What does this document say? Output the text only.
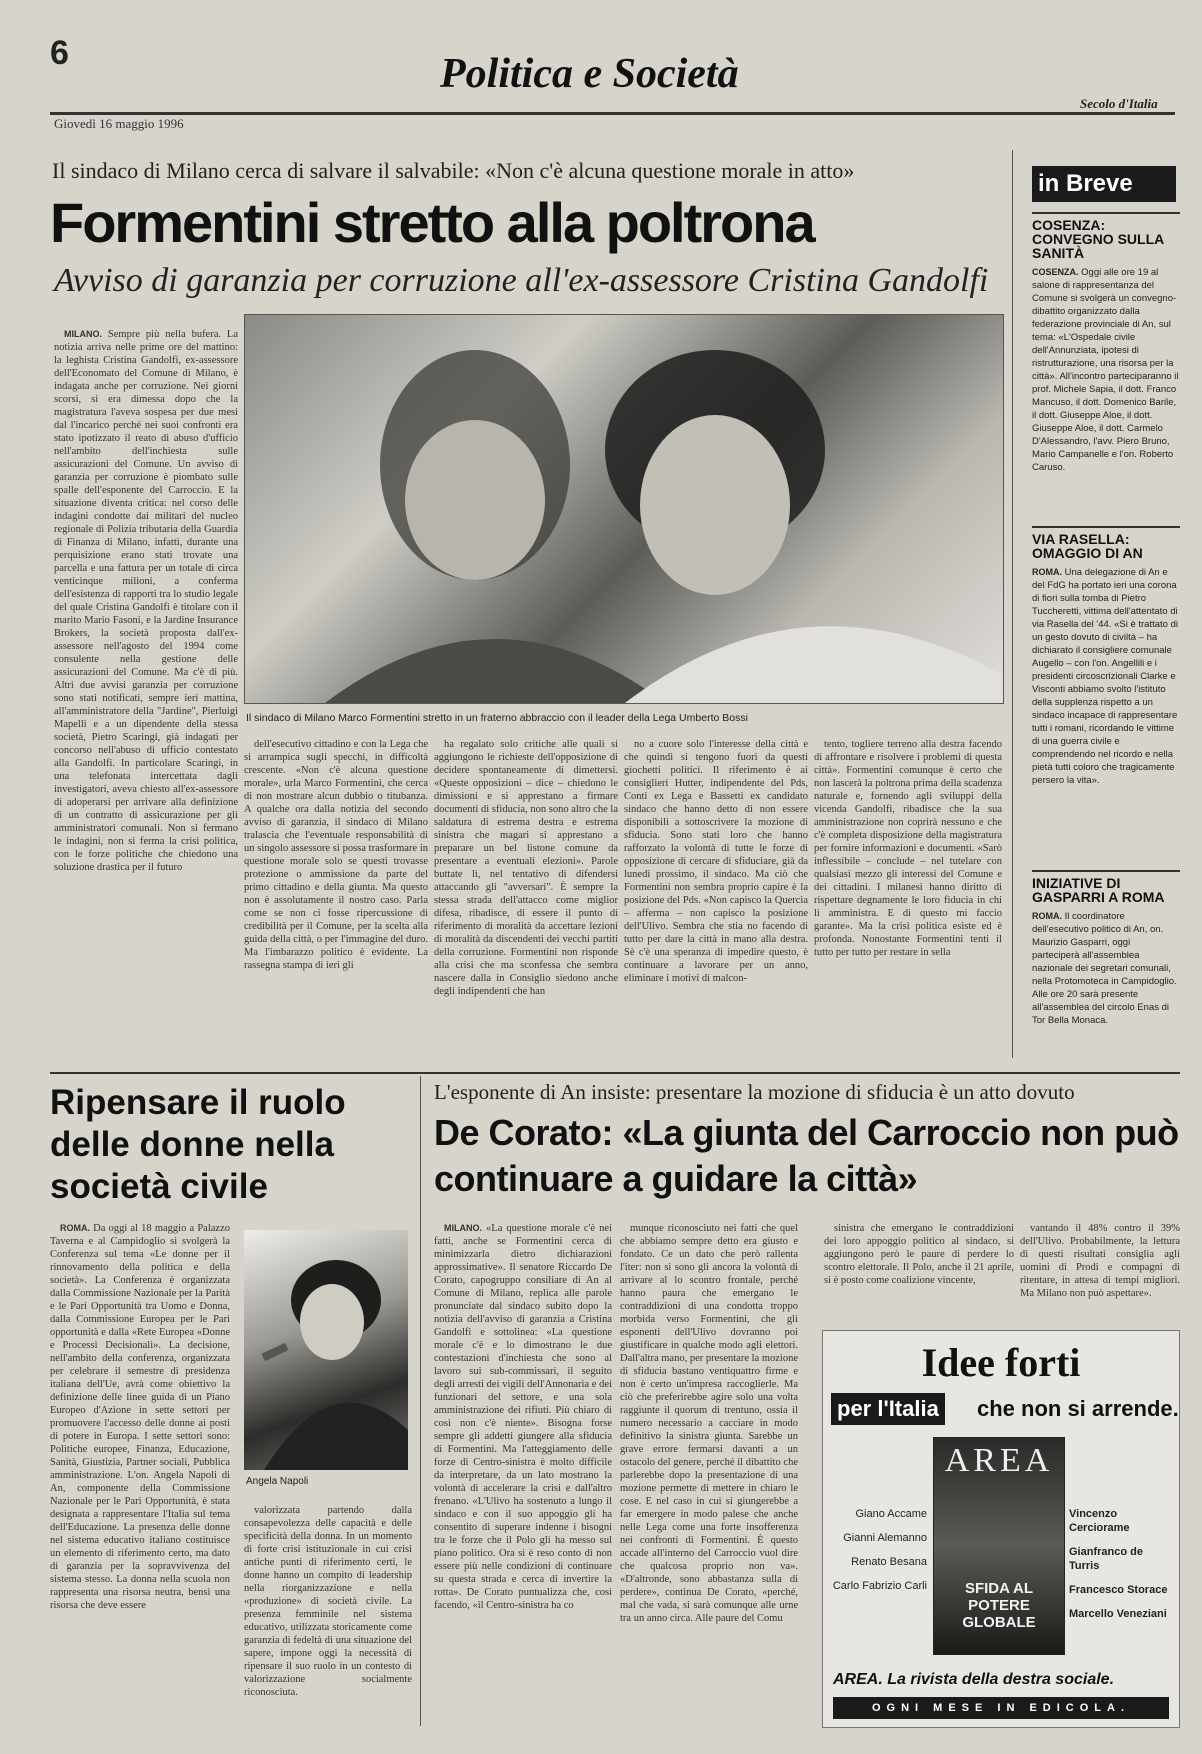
6	Politica e Società
Giovedì 16 maggio 1996
Secolo d'Italia
Il sindaco di Milano cerca di salvare il salvabile: «Non c'è alcuna questione morale in atto»
Formentini stretto alla poltrona
Avviso di garanzia per corruzione all'ex-assessore Cristina Gandolfi

MILANO. Sempre più nella bufera. La notizia arriva nelle prime ore del mattino: la leghista Cristina Gandolfi, ex-assessore dell'Economato del Comune di Milano, è indagata anche per corruzione. Nei giorni scorsi, si era dimessa dopo che la magistratura l'aveva sospesa per due mesi dal l'incarico perché nei suoi confronti era stato ipotizzato il reato di abuso d'ufficio nell'ambito dell'inchiesta sulle assicurazioni del Comune. Un avviso di garanzia per corruzione è piombato sulle spalle dell'esponente del Carroccio. E la situazione diventa critica: nel corso delle indagini condotte dai militari del nucleo regionale di Polizia tributaria della Guardia di Finanza di Milano, infatti, durante una perquisizione erano stati trovate una parcella e una fattura per un totale di circa venticinque milioni, a conferma dell'esistenza di rapporti tra lo studio legale del quale Cristina Gandolfi è titolare con il marito Mario Fasoni, e la Jardine Insurance Brokers, la società proposta dall'ex-assessore nell'agosto del 1994 come consulente nella gestione delle assicurazioni del Comune. Ma c'è di più. Altri due avvisi garanzia per corruzione sono stati notificati, sempre ieri mattina, all'amministratore della "Jardine", Pierluigi Mapelli e a un dipendente della stessa società, Pietro Scaringi, già indagati per concorso nell'abuso di ufficio contestato alla Gandolfi. In particolare Scaringi, in una telefonata intercettata dagli investigatori, aveva chiesto all'ex-assessore di adoperarsi per arrivare alla definizione di un contratto di assicurazione per gli amministratori comunali. Non si fermano le indagini, non si ferma la crisi politica, con le forze politiche che chiedono una soluzione drastica per il futuro

Il sindaco di Milano Marco Formentini stretto in un fraterno abbraccio con il leader della Lega Umberto Bossi

dell'esecutivo cittadino e con la Lega che si arrampica sugli specchi, in difficoltà crescente. «Non c'è alcuna questione morale», urla Marco Formentini, che cerca di non mostrare alcun dubbio o titubanza. A qualche ora dalla notizia del secondo avviso di garanzia, il sindaco di Milano tralascia che l'eventuale responsabilità di un singolo assessore si possa trasformare in questione morale solo se questi trovasse protezione o ammissione da parte del primo cittadino e della giunta. Ma questo non è assolutamente il nostro caso. Parla come se non ci fosse ripercussione di credibilità per il Comune, per la scelta alla guida della città, o per l'immagine del duro. Ma l'imbarazzo politico è evidente. La rassegna stampa di ieri gli

ha regalato solo critiche alle quali si aggiungono le richieste dell'opposizione di decidere spontaneamente di dimettersi. «Queste opposizioni – dice – chiedono le dimissioni e si apprestano a firmare documenti di sfiducia, non sono altro che la saldatura di estrema destra e estrema sinistra che magari si apprestano a preparare un bel listone comune da presentare a eventuali elezioni». Parole buttate lì, nel tentativo di difendersi attaccando gli "avversari". È sempre la stessa strada dell'attacco come miglior difesa, ribadisce, di essere il punto di riferimento di moralità da accettare lezioni di moralità da discendenti dei vecchi partiti della corruzione. Formentini non risponde alla crisi che ma sconfessa che sembra nascere dalla in Consiglio siedono anche degli indipendenti che han

no a cuore solo l'interesse della città e che quindi si tengono fuori da questi giochetti politici. Il riferimento è ai consiglieri Hutter, indipendente del Pds, Conti ex Lega e Bassetti ex candidato sindaco che hanno detto di non essere disponibili a sottoscrivere la mozione di sfiducia. Sono stati loro che hanno rafforzato la volontà di tutte le forze di opposizione di cercare di sfiduciare, già da lunedì prossimo, il sindaco. Ma ciò che Formentini non sembra proprio capire è la posizione del Pds. «Non capisco la Quercia – afferma – non capisco la posizione dell'Ulivo. Sembra che stia no facendo di tutto per dare la città in mano alla destra. Sè c'è una speranza di impedire questo, è continuare a lavorare per un anno, eliminare i motivi di malcon-

tento, togliere terreno alla destra facendo di affrontare e risolvere i problemi di questa città». Formentini comunque è certo che non lascerà la poltrona prima della scadenza naturale e, fornendo agli sviluppi della vicenda Gandolfi, ribadisce che la sua amministrazione non coprirà nessuno e che c'è completa disposizione della magistratura per fornire informazioni e documenti. «Sarò inflessibile – conclude – nel tutelare con qualsiasi mezzo gli interessi del Comune e dei cittadini. I milanesi hanno diritto di rispettare degnamente le loro fiducia in chi li amministra. E di questo mi faccio garante». Ma la crisi politica esiste ed è profonda. Nonostante Formentini tenti il tutto per tutto per restare in sella

in Breve
COSENZA: CONVEGNO SULLA SANITÀ
COSENZA. Oggi alle ore 19 al salone di rappresentanza del Comune si svolgerà un convegno-dibattito organizzato dalla federazione provinciale di An, sul tema: «L'Ospedale civile dell'Annunziata, ipotesi di ristrutturazione, una risorsa per la città». All'incontro parteciparanno il prof. Michele Sapia, il dott. Franco Mancuso, il dott. Domenico Barile, il dott. Giuseppe Aloe, il dott. Giuseppe Aloe, il dott. Carmelo D'Alessandro, l'avv. Piero Bruno, Mario Campanelle e l'on. Roberto Caruso.
VIA RASELLA: OMAGGIO DI AN
ROMA. Una delegazione di An e del FdG ha portato ieri una corona di fiori sulla tomba di Pietro Tuccheretti, vittima dell'attentato di via Rasella del '44. «Si è trattato di un gesto dovuto di civiltà – ha dichiarato il consigliere comunale Augello – con l'on. Angellili e i presidenti circoscrizionali Clarke e Visconti abbiamo svolto l'istituto della supplenza rispetto a un sindaco incapace di rappresentare tutti i romani, ricordando le vittime di una guerra civile e comprendendo nel ricordo e nella pietà tutti coloro che tragicamente persero la vita».
INIZIATIVE DI GASPARRI A ROMA
ROMA. Il coordinatore dell'esecutivo politico di An, on. Maurizio Gasparri, oggi parteciperà all'assemblea nazionale dei segretari comunali, nella Protomoteca in Campidoglio. Alle ore 20 sarà presente all'assemblea del circolo Enas di Tor Bella Monaca.
Ripensare il ruolo delle donne nella società civile

ROMA. Da oggi al 18 maggio a Palazzo Taverna e al Campidoglio si svolgerà la Conferenza sul tema «Le donne per il rinnovamento della politica e della società». La Conferenza è organizzata dalla Commissione Nazionale per la Parità e le Pari Opportunità tra Uomo e Donna, dalla Commissione Europea per le Pari opportunità e dalla «Rete Europea «Donne e Processi Decisionali». La decisione, nell'ambito della conferenza, organizzata per celebrare il semestre di presidenza italiana dell'Ue, avrà come obiettivo la definizione delle linee guida di un Piano Europeo d'Azione in sette settori per promuovere l'accesso delle donne ai posti di potere in Europa. I sette settori sono: Politiche europee, Finanza, Educazione, Sanità, Giustizia, Partner sociali, Pubblica amministrazione. L'on. Angela Napoli di An, componente della Commissione Nazionale per le Pari Opportunità, è stata designata a rappresentare l'Italia sul tema dell'Educazione. La presenza delle donne nel sistema educativo italiano costituisce un elemento di riferimento certo, ma dato di garanzia per la sopravvivenza del sistema stesso. La donna nella scuola non rappresenta una risorsa neutra, bensì una risorsa che deve essere

Angela Napoli

valorizzata partendo dalla consapevolezza delle capacità e delle specificità della donna. In un momento di forte crisi istituzionale in cui crisi antiche punti di riferimento certi, le donne hanno un compito di leadership nella riorganizzazione e nella «produzione» di società civile. La presenza femminile nel sistema educativo, utilizzata storicamente come garanzia di fedeltà di una situazione del sapere, impone oggi la necessità di ripensare il suo ruolo in un contesto di valorizzazione socialmente riconosciuta.

L'esponente di An insiste: presentare la mozione di sfiducia è un atto dovuto
De Corato: «La giunta del Carroccio non può continuare a guidare la città»

MILANO. «La questione morale c'è nei fatti, anche se Formentini cerca di minimizzarla dietro dichiarazioni approssimative». Il senatore Riccardo De Corato, capogruppo consiliare di An al Comune di Milano, replica alle parole pronunciate dal sindaco subito dopo la notizia dell'avviso di garanzia a Cristina Gandolfi e sottolinea: «La questione morale c'è e lo dimostrano le due contestazioni d'inchiesta che sono al lavoro sui sub-commissari, il seguito degli arresti dei vigili dell'Annonaria e dei funzionari del settore, e una sola amministrazione dei rifiuti. Più chiaro di così non c'è niente». Bisogna forse sempre gli addetti giungere alla sfiducia di Formentini. Ma l'atteggiamento delle forze di Centro-sinistra è molto difficile da interpretare, da un lato mostrano la volontà di accelerare la crisi e dall'altro frenano. «L'Ulivo ha sostenuto a lungo il sindaco e con il suo appoggio gli ha consentito di superare indenne i bisogni tra le forze che il Polo gli ha messo sul piano politico. Ora si è reso conto di non essere più nelle condizioni di continuare su questa strada e cerca di invertire la rotta». De Corato puntualizza che, così facendo, «il Centro-sinistra ha co

munque riconosciuto nei fatti che quel che abbiamo sempre detto era giusto e fondato. Ce un dato che però rallenta l'iter: non si sono gli ancora la volontà di arrivare al lo scontro frontale, perché hanno paura che emergano le contraddizioni di una condotta troppo morbida verso Formentini, che gli esponenti dell'Ulivo dovranno poi giustificare in qualche modo agli elettori. Dall'altra mano, per presentare la mozione di sfiducia bastano ventiquattro firme e non è certo un'impresa raccoglierle. Ma ciò che preferirebbe agire solo una volta raggiunte il quorum di trentuno, ossia il numero necessario a cacciare in modo definitivo la sinistra giunta. Sarebbe un grave errore fermarsi davanti a un ostacolo del genere, perché il dibattito che parlerebbe dopo la presentazione di una mozione permette di mettere in chiaro le cose. E nel caso in cui si giungerebbe a far emergere in modo palese che anche nelle Lega come una forte insofferenza nei confronti di Formentini. È questo accade all'interno del Carroccio vuol dire che qualcosa proprio non va». «D'altronde, sono abbastanza sulla di perdere», continua De Corato, «perché, mal che vada, si sarà comunque alle urne tra un anno circa. Alle paure del Comu

sinistra che emergano le contraddizioni dei loro appoggio politico al sindaco, si aggiungono però le paure di perdere lo scontro elettorale. Il Polo, anche il 21 aprile, si è posto come coalizione vincente,

vantando il 48% contro il 39% dell'Ulivo. Probabilmente, la lettura di questi risultati consiglia agli uomini di Prodi e compagni di ritentare, in attesa di tempi migliori. Ma Milano non può aspettare».

Idee forti
per l'Italia che non si arrende.
AREA
SFIDA AL POTERE GLOBALE
Giano Accame
Gianni Alemanno
Renato Besana
Carlo Fabrizio Carli
Vincenzo Cerciorame
Gianfranco de Turris
Francesco Storace
Marcello Veneziani
AREA. La rivista della destra sociale.
OGNI MESE IN EDICOLA.
